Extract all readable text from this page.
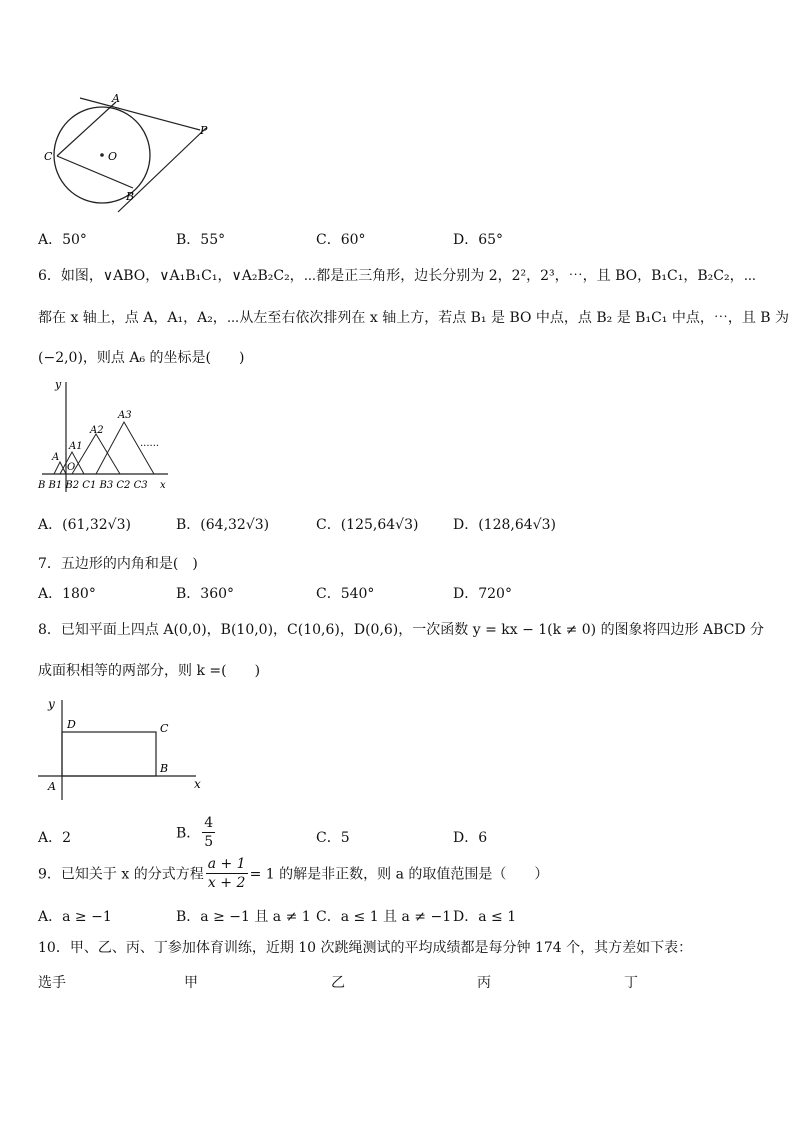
A
P
C	O
B
A．50°	B．55°	C．60°	D．65°
6．如图，∨ABO，∨A₁B₁C₁，∨A₂B₂C₂，⋯都是正三角形，边长分别为 2，2²，2³，⋯，且 BO，B₁C₁，B₂C₂，⋯
都在 x 轴上，点 A，A₁，A₂，⋯从左至右依次排列在 x 轴上方，若点 B₁ 是 BO 中点，点 B₂ 是 B₁C₁ 中点，⋯，且 B 为
(−2,0)，则点 A₆ 的坐标是(　　)
y
A
O
A1
A2
A3
......
B B1 B2 C1 B3 C2 C3 x
A．(61,32√3)	B．(64,32√3)	C．(125,64√3) D．(128,64√3)
7．五边形的内角和是(　)
A．180°	B．360°	C．540°	D．720°
8．已知平面上四点 A(0,0)，B(10,0)，C(10,6)，D(0,6)，一次函数 y = kx − 1(k ≠ 0) 的图象将四边形 ABCD 分
成面积相等的两部分，则 k =(　　)
y
D	C
B
A	x
A．2	B． $\frac{4}{5}$	C．5	D．6
9．已知关于 x 的分式方程 $\frac{a + 1}{x + 2} = 1$ 的解是非正数，则 a 的取值范围是（　　）
A．a ≥ −1	B．a ≥ −1 且 a ≠ 1 C．a ≤ 1 且 a ≠ −1 D．a ≤ 1
10．甲、乙、丙、丁参加体育训练，近期 10 次跳绳测试的平均成绩都是每分钟 174 个，其方差如下表：
选手	甲	乙	丙	丁
